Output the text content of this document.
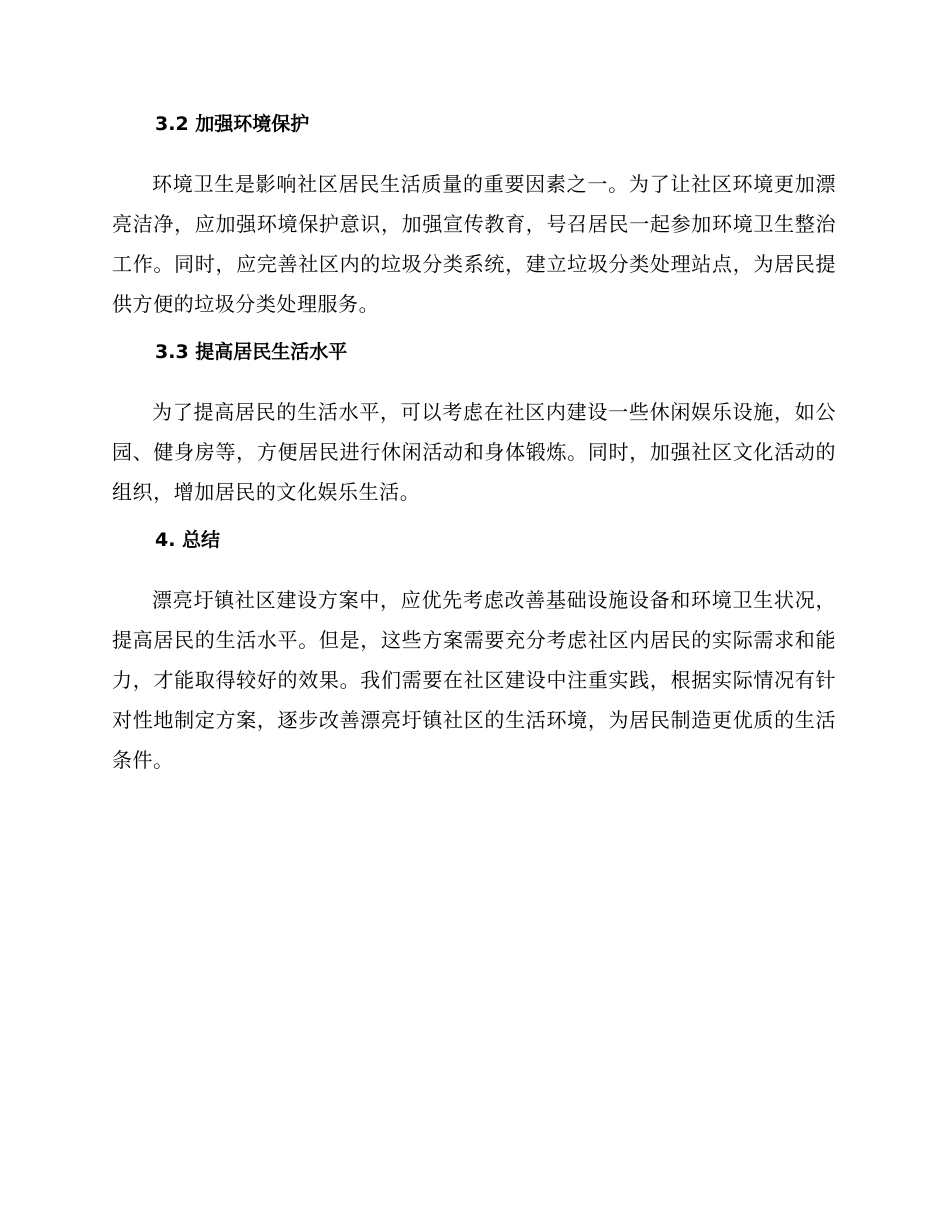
3.2 加强环境保护

环境卫生是影响社区居民生活质量的重要因素之一。为了让社区环境更加漂亮洁净，应加强环境保护意识，加强宣传教育，号召居民一起参加环境卫生整治工作。同时，应完善社区内的垃圾分类系统，建立垃圾分类处理站点，为居民提供方便的垃圾分类处理服务。

3.3 提高居民生活水平

为了提高居民的生活水平，可以考虑在社区内建设一些休闲娱乐设施，如公园、健身房等，方便居民进行休闲活动和身体锻炼。同时，加强社区文化活动的组织，增加居民的文化娱乐生活。

4. 总结

漂亮圩镇社区建设方案中，应优先考虑改善基础设施设备和环境卫生状况，提高居民的生活水平。但是，这些方案需要充分考虑社区内居民的实际需求和能力，才能取得较好的效果。我们需要在社区建设中注重实践，根据实际情况有针对性地制定方案，逐步改善漂亮圩镇社区的生活环境，为居民制造更优质的生活条件。
